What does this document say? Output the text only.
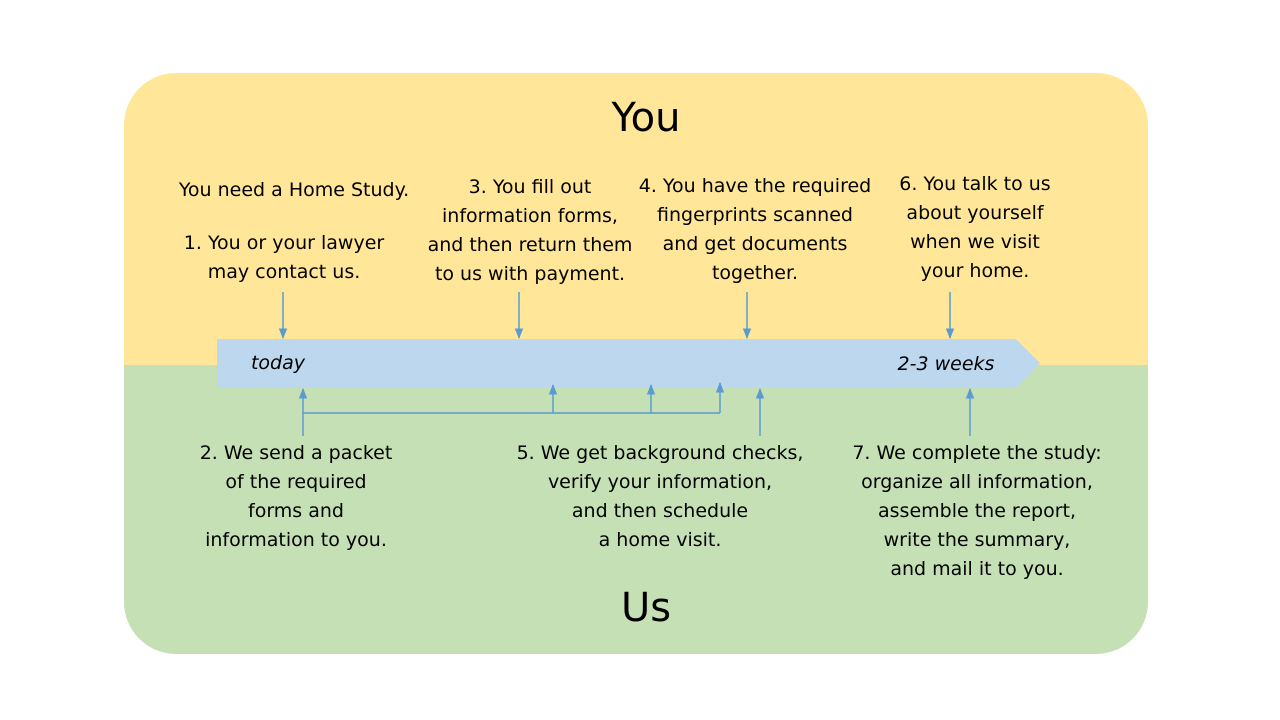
You
Us
today	2-3 weeks
You need a Home Study.
1. You or your lawyer
may contact us.
3. You fill out
information forms,
and then return them
to us with payment.
4. You have the required
fingerprints scanned
and get documents
together.
6. You talk to us
about yourself
when we visit
your home.
2. We send a packet
of the required
forms and
information to you.
5. We get background checks,
verify your information,
and then schedule
a home visit.
7. We complete the study:
organize all information,
assemble the report,
write the summary,
and mail it to you.
